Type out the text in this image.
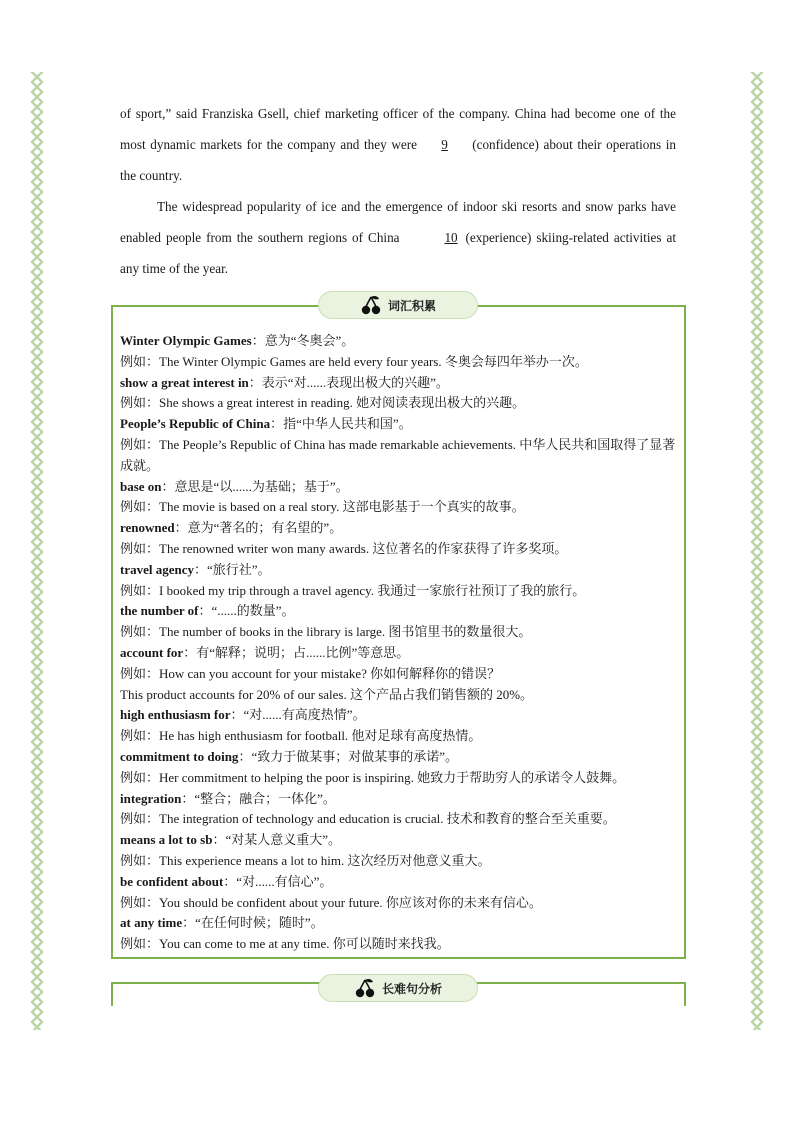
of sport,” said Franziska Gsell, chief marketing officer of the company. China had become one of the most dynamic markets for the company and they were 9 (confidence) about their operations in the country.

The widespread popularity of ice and the emergence of indoor ski resorts and snow parks have enabled people from the southern regions of China	10 (experience) skiing-related activities at any time of the year.

词汇积累
Winter Olympic Games：意为“冬奥会”。
例如：The Winter Olympic Games are held every four years. 冬奥会每四年举办一次。
show a great interest in：表示“对......表现出极大的兴趣”。
例如：She shows a great interest in reading. 她对阅读表现出极大的兴趣。
People’s Republic of China：指“中华人民共和国”。
例如：The People’s Republic of China has made remarkable achievements. 中华人民共和国取得了显著成就。
base on：意思是“以......为基础；基于”。
例如：The movie is based on a real story. 这部电影基于一个真实的故事。
renowned：意为“著名的；有名望的”。
例如：The renowned writer won many awards. 这位著名的作家获得了许多奖项。
travel agency：“旅行社”。
例如：I booked my trip through a travel agency. 我通过一家旅行社预订了我的旅行。
the number of：“......的数量”。
例如：The number of books in the library is large. 图书馆里书的数量很大。
account for：有“解释；说明；占......比例”等意思。
例如：How can you account for your mistake? 你如何解释你的错误？
This product accounts for 20% of our sales. 这个产品占我们销售额的 20%。
high enthusiasm for：“对......有高度热情”。
例如：He has high enthusiasm for football. 他对足球有高度热情。
commitment to doing：“致力于做某事；对做某事的承诺”。
例如：Her commitment to helping the poor is inspiring. 她致力于帮助穷人的承诺令人鼓舞。
integration：“整合；融合；一体化”。
例如：The integration of technology and education is crucial. 技术和教育的整合至关重要。
means a lot to sb：“对某人意义重大”。
例如：This experience means a lot to him. 这次经历对他意义重大。
be confident about：“对......有信心”。
例如：You should be confident about your future. 你应该对你的未来有信心。
at any time：“在任何时候；随时”。
例如：You can come to me at any time. 你可以随时来找我。
长难句分析
